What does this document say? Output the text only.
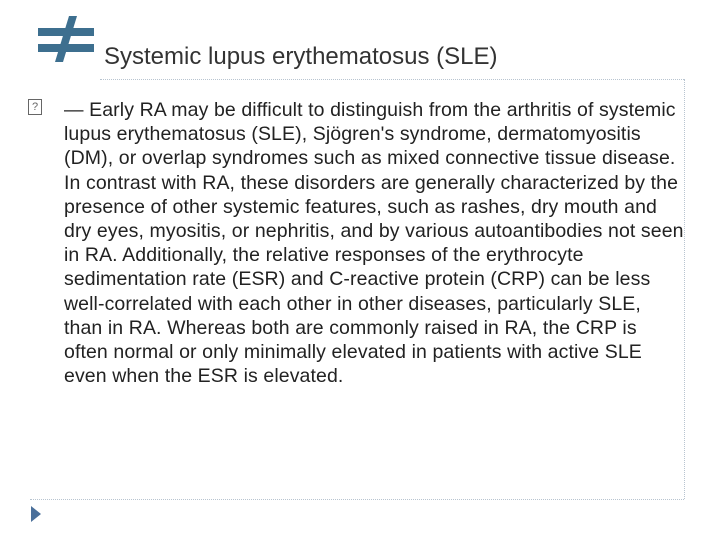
Systemic lupus erythematosus (SLE)
? — Early RA may be difficult to distinguish from the arthritis of systemic lupus erythematosus (SLE), Sjögren's syndrome, dermatomyositis (DM), or overlap syndromes such as mixed connective tissue disease. In contrast with RA, these disorders are generally characterized by the presence of other systemic features, such as rashes, dry mouth and dry eyes, myositis, or nephritis, and by various autoantibodies not seen in RA. Additionally, the relative responses of the erythrocyte sedimentation rate (ESR) and C-reactive protein (CRP) can be less well-correlated with each other in other diseases, particularly SLE, than in RA. Whereas both are commonly raised in RA, the CRP is often normal or only minimally elevated in patients with active SLE even when the ESR is elevated.
